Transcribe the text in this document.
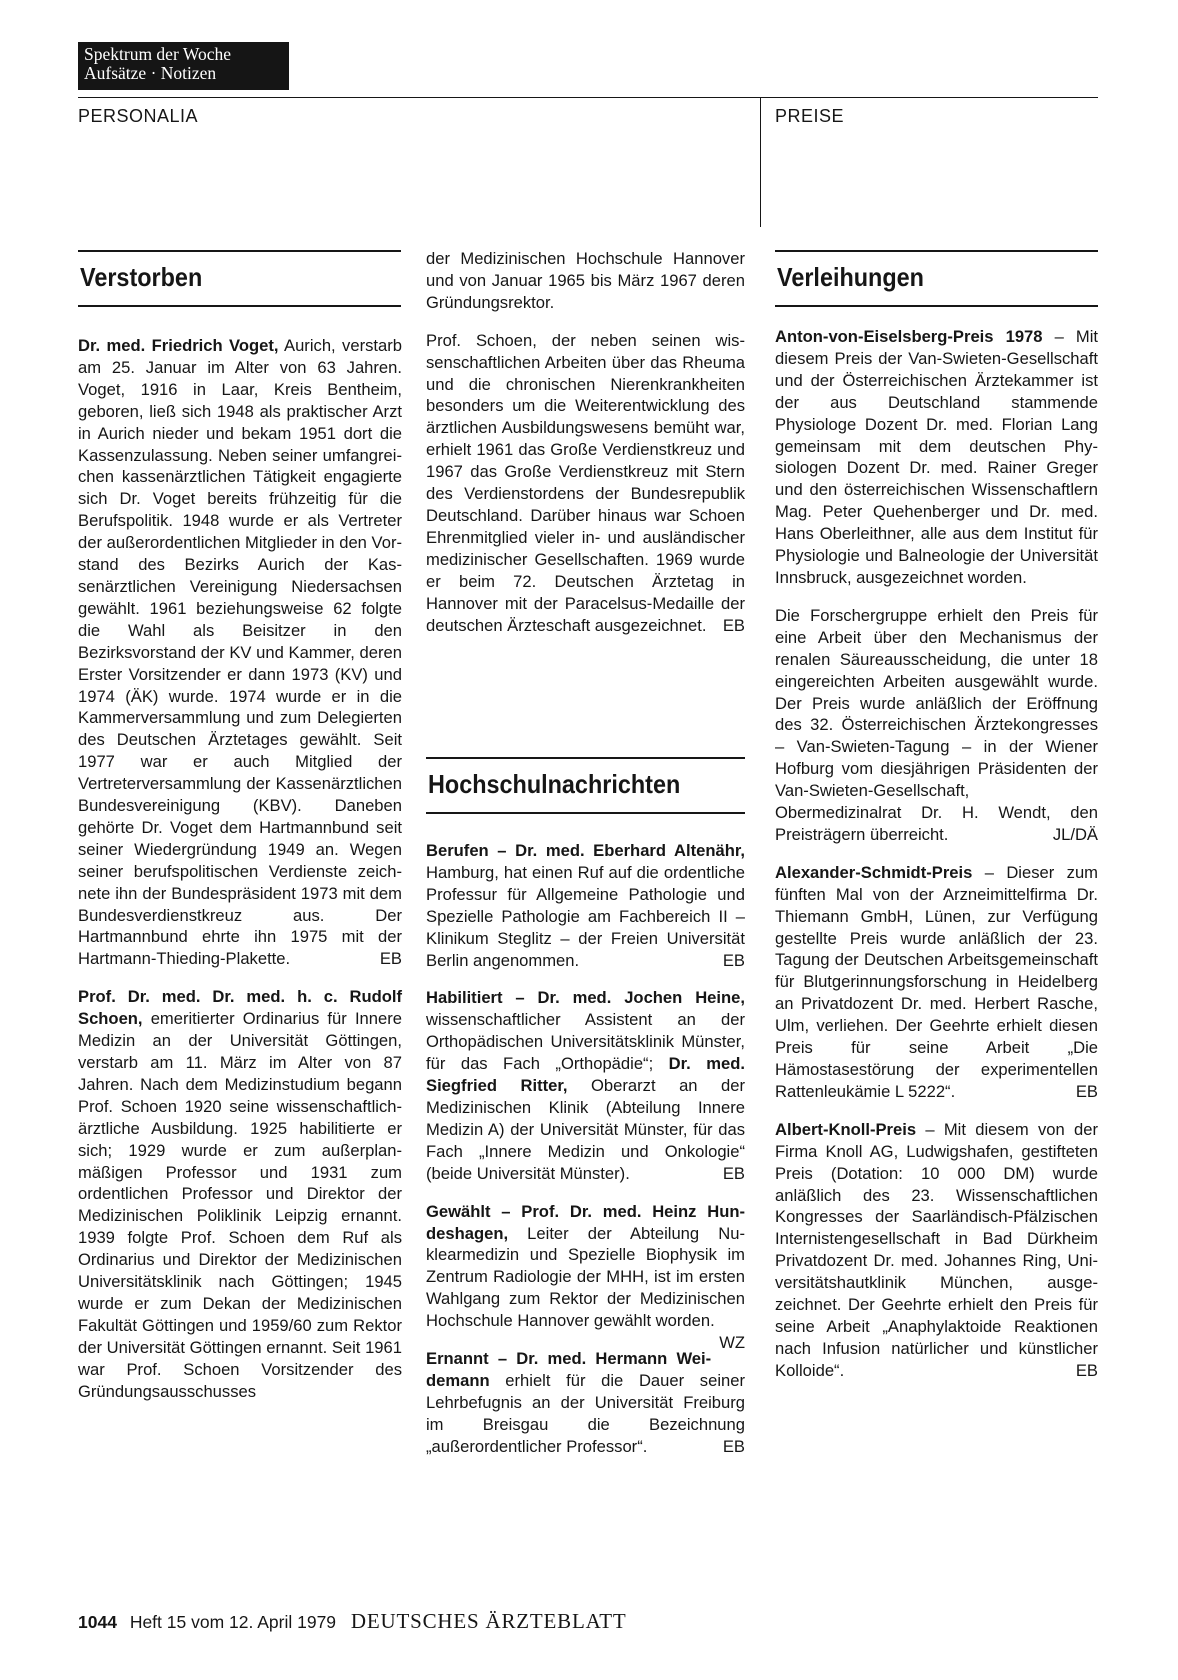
Spektrum der Woche
Aufsätze · Notizen
PERSONALIA	PREISE
Verstorben

Dr. med. Friedrich Voget, Aurich, verstarb am 25. Januar im Alter von 63 Jahren. Voget, 1916 in Laar, Kreis Bentheim, geboren, ließ sich 1948 als praktischer Arzt in Aurich nieder und bekam 1951 dort die Kassenzulassung. Neben seiner umfangreichen kassenärztlichen Tätigkeit engagierte sich Dr. Voget bereits frühzeitig für die Berufspolitik. 1948 wurde er als Vertreter der außerordentlichen Mitglieder in den Vorstand des Bezirks Aurich der Kassenärztlichen Vereinigung Niedersachsen gewählt. 1961 beziehungsweise 62 folgte die Wahl als Beisitzer in den Bezirksvorstand der KV und Kammer, deren Erster Vorsitzender er dann 1973 (KV) und 1974 (ÄK) wurde. 1974 wurde er in die Kammerversammlung und zum Delegierten des Deutschen Ärztetages gewählt. Seit 1977 war er auch Mitglied der Vertreterversammlung der Kassenärztlichen Bundesvereinigung (KBV). Daneben gehörte Dr. Voget dem Hartmannbund seit seiner Wiedergründung 1949 an. Wegen seiner berufspolitischen Verdienste zeichnete ihn der Bundespräsident 1973 mit dem Bundesverdienstkreuz aus. Der Hartmannbund ehrte ihn 1975 mit der Hartmann-Thieding-Plakette.	EB

Prof. Dr. med. Dr. med. h. c. Rudolf Schoen, emeritierter Ordinarius für Innere Medizin an der Universität Göttingen, verstarb am 11. März im Alter von 87 Jahren. Nach dem Medizinstudium begann Prof. Schoen 1920 seine wissenschaftlich-ärztliche Ausbildung. 1925 habilitierte er sich; 1929 wurde er zum außerplanmäßigen Professor und 1931 zum ordentlichen Professor und Direktor der Medizinischen Poliklinik Leipzig ernannt. 1939 folgte Prof. Schoen dem Ruf als Ordinarius und Direktor der Medizinischen Universitätsklinik nach Göttingen; 1945 wurde er zum Dekan der Medizinischen Fakultät Göttingen und 1959/60 zum Rektor der Universität Göttingen ernannt. Seit 1961 war Prof. Schoen Vorsitzender des Gründungsausschusses

der Medizinischen Hochschule Hannover und von Januar 1965 bis März 1967 deren Gründungsrektor.

Prof. Schoen, der neben seinen wissenschaftlichen Arbeiten über das Rheuma und die chronischen Nierenkrankheiten besonders um die Weiterentwicklung des ärztlichen Ausbildungswesens bemüht war, erhielt 1961 das Große Verdienstkreuz und 1967 das Große Verdienstkreuz mit Stern des Verdienstordens der Bundesrepublik Deutschland. Darüber hinaus war Schoen Ehrenmitglied vieler in- und ausländischer medizinischer Gesellschaften. 1969 wurde er beim 72. Deutschen Ärztetag in Hannover mit der Paracelsus-Medaille der deutschen Ärzteschaft ausgezeichnet. EB

Hochschulnachrichten

Berufen – Dr. med. Eberhard Altenähr, Hamburg, hat einen Ruf auf die ordentliche Professur für Allgemeine Pathologie und Spezielle Pathologie am Fachbereich II – Klinikum Steglitz – der Freien Universität Berlin angenommen.	EB

Habilitiert – Dr. med. Jochen Heine, wissenschaftlicher Assistent an der Orthopädischen Universitätsklinik Münster, für das Fach „Orthopädie“; Dr. med. Siegfried Ritter, Oberarzt an der Medizinischen Klinik (Abteilung Innere Medizin A) der Universität Münster, für das Fach „Innere Medizin und Onkologie“ (beide Universität Münster).	EB

Gewählt – Prof. Dr. med. Heinz Hundeshagen, Leiter der Abteilung Nuklearmedizin und Spezielle Biophysik im Zentrum Radiologie der MHH, ist im ersten Wahlgang zum Rektor der Medizinischen Hochschule Hannover gewählt worden.
WZ

Ernannt – Dr. med. Hermann Weidemann erhielt für die Dauer seiner Lehrbefugnis an der Universität Freiburg im Breisgau die Bezeichnung „außerordentlicher Professor“.	EB

Verleihungen

Anton-von-Eiselsberg-Preis 1978 – Mit diesem Preis der Van-Swieten-Gesellschaft und der Österreichischen Ärztekammer ist der aus Deutschland stammende Physiologe Dozent Dr. med. Florian Lang gemeinsam mit dem deutschen Physiologen Dozent Dr. med. Rainer Greger und den österreichischen Wissenschaftlern Mag. Peter Quehenberger und Dr. med. Hans Oberleithner, alle aus dem Institut für Physiologie und Balneologie der Universität Innsbruck, ausgezeichnet worden.

Die Forschergruppe erhielt den Preis für eine Arbeit über den Mechanismus der renalen Säureausscheidung, die unter 18 eingereichten Arbeiten ausgewählt wurde. Der Preis wurde anläßlich der Eröffnung des 32. Österreichischen Ärztekongresses – Van-Swieten-Tagung – in der Wiener Hofburg vom diesjährigen Präsidenten der Van-Swieten-Gesellschaft, Obermedizinalrat Dr. H. Wendt, den Preisträgern überreicht.	JL/DÄ

Alexander-Schmidt-Preis – Dieser zum fünften Mal von der Arzneimittelfirma Dr. Thiemann GmbH, Lünen, zur Verfügung gestellte Preis wurde anläßlich der 23. Tagung der Deutschen Arbeitsgemeinschaft für Blutgerinnungsforschung in Heidelberg an Privatdozent Dr. med. Herbert Rasche, Ulm, verliehen. Der Geehrte erhielt diesen Preis für seine Arbeit „Die Hämostasestörung der experimentellen Rattenleukämie L 5222“.	EB

Albert-Knoll-Preis – Mit diesem von der Firma Knoll AG, Ludwigshafen, gestifteten Preis (Dotation: 10 000 DM) wurde anläßlich des 23. Wissenschaftlichen Kongresses der Saarländisch-Pfälzischen Internistengesellschaft in Bad Dürkheim Privatdozent Dr. med. Johannes Ring, Universitätshautklinik München, ausgezeichnet. Der Geehrte erhielt den Preis für seine Arbeit „Anaphylaktoide Reaktionen nach Infusion natürlicher und künstlicher Kolloide“.	EB

1044 Heft 15 vom 12. April 1979 DEUTSCHES ÄRZTEBLATT
